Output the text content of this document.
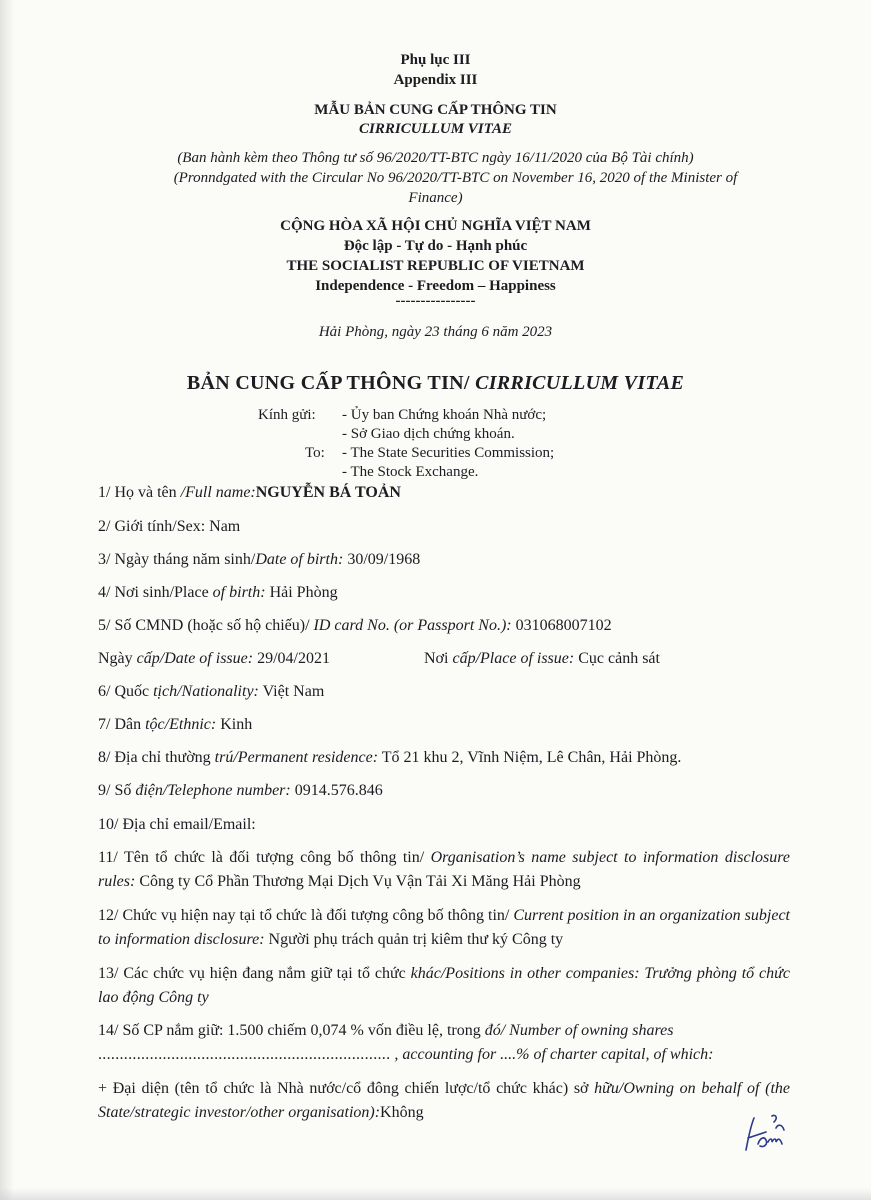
Phụ lục III
Appendix III
MẪU BẢN CUNG CẤP THÔNG TIN
CIRRICULLUM VITAE
(Ban hành kèm theo Thông tư số 96/2020/TT-BTC ngày 16/11/2020 của Bộ Tài chính)
(Pronndgated with the Circular No 96/2020/TT-BTC on November 16, 2020 of the Minister of
Finance)
CỘNG HÒA XÃ HỘI CHỦ NGHĨA VIỆT NAM
Độc lập - Tự do - Hạnh phúc
THE SOCIALIST REPUBLIC OF VIETNAM
Independence - Freedom – Happiness
----------------
Hải Phòng, ngày 23 tháng 6 năm 2023
BẢN CUNG CẤP THÔNG TIN/ CIRRICULLUM VITAE
Kính gửi: - Ủy ban Chứng khoán Nhà nước;
- Sở Giao dịch chứng khoán.
To: - The State Securities Commission;
- The Stock Exchange.
1/ Họ và tên /Full name:NGUYỄN BÁ TOẢN
2/ Giới tính/Sex: Nam
3/ Ngày tháng năm sinh/Date of birth: 30/09/1968
4/ Nơi sinh/Place of birth: Hải Phòng
5/ Số CMND (hoặc số hộ chiếu)/ ID card No. (or Passport No.): 031068007102
Ngày cấp/Date of issue: 29/04/2021	Nơi cấp/Place of issue: Cục cảnh sát
6/ Quốc tịch/Nationality: Việt Nam
7/ Dân tộc/Ethnic: Kinh
8/ Địa chỉ thường trú/Permanent residence: Tổ 21 khu 2, Vĩnh Niệm, Lê Chân, Hải Phòng.
9/ Số điện/Telephone number: 0914.576.846
10/ Địa chỉ email/Email:
11/ Tên tổ chức là đối tượng công bố thông tin/ Organisation’s name subject to information disclosure rules: Công ty Cổ Phần Thương Mại Dịch Vụ Vận Tải Xi Măng Hải Phòng
12/ Chức vụ hiện nay tại tổ chức là đối tượng công bố thông tin/ Current position in an organization subject to information disclosure: Người phụ trách quản trị kiêm thư ký Công ty
13/ Các chức vụ hiện đang nắm giữ tại tổ chức khác/Positions in other companies: Trưởng phòng tổ chức lao động Công ty
14/ Số CP nắm giữ: 1.500 chiếm 0,074 % vốn điều lệ, trong đó/ Number of owning shares
.................................................................... , accounting for ....% of charter capital, of which:
+ Đại diện (tên tổ chức là Nhà nước/cổ đông chiến lược/tổ chức khác) sở hữu/Owning on behalf of (the State/strategic investor/other organisation):Không
